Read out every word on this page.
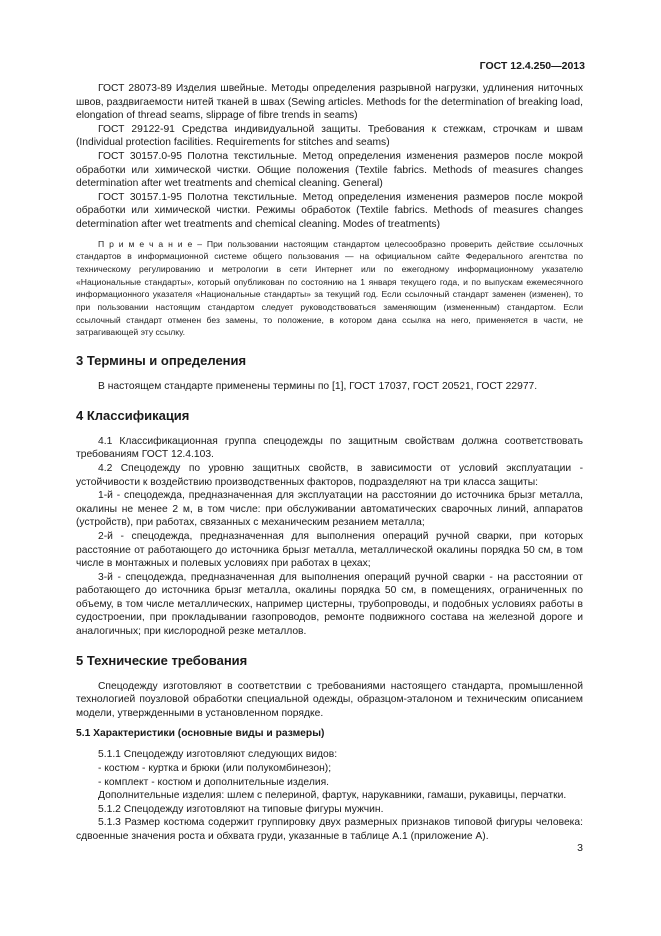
ГОСТ 12.4.250—2013

ГОСТ 28073-89 Изделия швейные. Методы определения разрывной нагрузки, удлинения ниточных швов, раздвигаемости нитей тканей в швах (Sewing articles. Methods for the determination of breaking load, elongation of thread seams, slippage of fibre trends in seams)

ГОСТ 29122-91 Средства индивидуальной защиты. Требования к стежкам, строчкам и швам (Individual protection facilities. Requirements for stitches and seams)

ГОСТ 30157.0-95 Полотна текстильные. Метод определения изменения размеров после мокрой обработки или химической чистки. Общие положения (Textile fabrics. Methods of measures changes determination after wet treatments and chemical cleaning. General)

ГОСТ 30157.1-95 Полотна текстильные. Метод определения изменения размеров после мокрой обработки или химической чистки. Режимы обработок (Textile fabrics. Methods of measures changes determination after wet treatments and chemical cleaning. Modes of treatments)

П р и м е ч а н и е – При пользовании настоящим стандартом целесообразно проверить действие ссылочных стандартов в информационной системе общего пользования — на официальном сайте Федерального агентства по техническому регулированию и метрологии в сети Интернет или по ежегодному информационному указателю «Национальные стандарты», который опубликован по состоянию на 1 января текущего года, и по выпускам ежемесячного информационного указателя «Национальные стандарты» за текущий год. Если ссылочный стандарт заменен (изменен), то при пользовании настоящим стандартом следует руководствоваться заменяющим (измененным) стандартом. Если ссылочный стандарт отменен без замены, то положение, в котором дана ссылка на него, применяется в части, не затрагивающей эту ссылку.
3 Термины и определения

В настоящем стандарте применены термины по [1], ГОСТ 17037, ГОСТ 20521, ГОСТ 22977.

4 Классификация

4.1 Классификационная группа спецодежды по защитным свойствам должна соответствовать требованиям ГОСТ 12.4.103.

4.2 Спецодежду по уровню защитных свойств, в зависимости от условий эксплуатации - устойчивости к воздействию производственных факторов, подразделяют на три класса защиты:

1-й - спецодежда, предназначенная для эксплуатации на расстоянии до источника брызг металла, окалины не менее 2 м, в том числе: при обслуживании автоматических сварочных линий, аппаратов (устройств), при работах, связанных с механическим резанием металла;

2-й - спецодежда, предназначенная для выполнения операций ручной сварки, при которых расстояние от работающего до источника брызг металла, металлической окалины порядка 50 см, в том числе в монтажных и полевых условиях при работах в цехах;

3-й - спецодежда, предназначенная для выполнения операций ручной сварки - на расстоянии от работающего до источника брызг металла, окалины порядка 50 см, в помещениях, ограниченных по объему, в том числе металлических, например цистерны, трубопроводы, и подобных условиях работы в судостроении, при прокладывании газопроводов, ремонте подвижного состава на железной дороге и аналогичных; при кислородной резке металлов.

5 Технические требования

Спецодежду изготовляют в соответствии с требованиями настоящего стандарта, промышленной технологией поузловой обработки специальной одежды, образцом-эталоном и техническим описанием модели, утвержденными в установленном порядке.

5.1 Характеристики (основные виды и размеры)

5.1.1 Спецодежду изготовляют следующих видов:

- костюм - куртка и брюки (или полукомбинезон);

- комплект - костюм и дополнительные изделия.

Дополнительные изделия: шлем с пелериной, фартук, нарукавники, гамаши, рукавицы, перчатки.

5.1.2 Спецодежду изготовляют на типовые фигуры мужчин.

5.1.3 Размер костюма содержит группировку двух размерных признаков типовой фигуры человека: сдвоенные значения роста и обхвата груди, указанные в таблице А.1 (приложение А).

3
